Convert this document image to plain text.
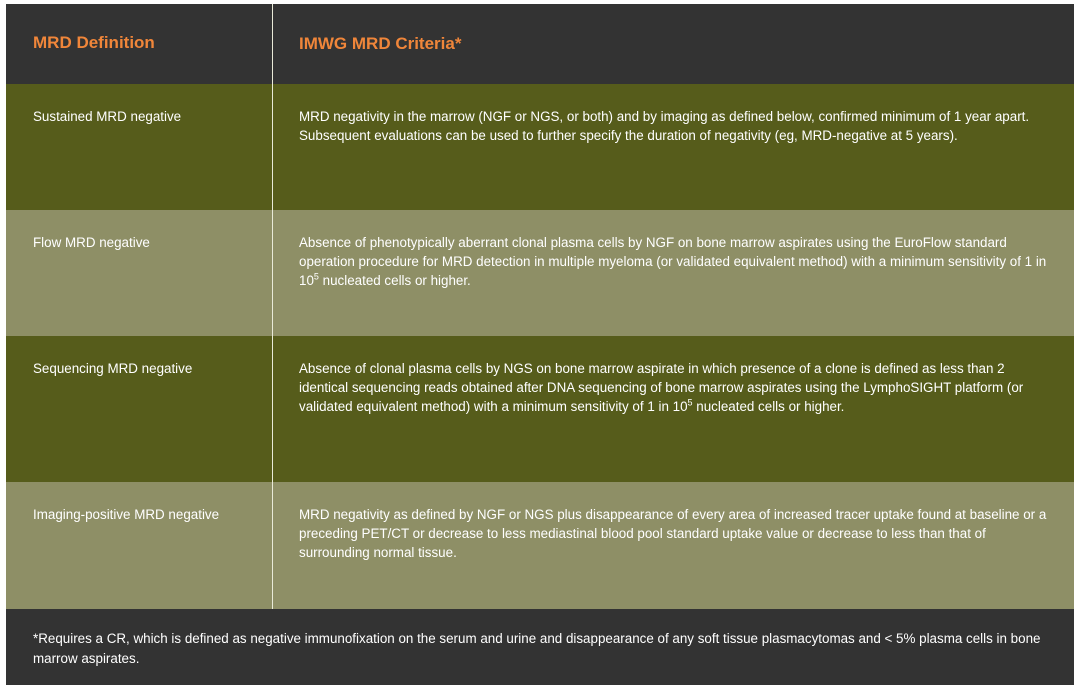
MRD Definition	IMWG MRD Criteria*
Sustained MRD negative	MRD negativity in the marrow (NGF or NGS, or both) and by imaging as defined below, confirmed minimum of 1 year apart. Subsequent evaluations can be used to further specify the duration of negativity (eg, MRD-negative at 5 years).
Flow MRD negative	Absence of phenotypically aberrant clonal plasma cells by NGF on bone marrow aspirates using the EuroFlow standard operation procedure for MRD detection in multiple myeloma (or validated equivalent method) with a minimum sensitivity of 1 in $10^5$ nucleated cells or higher.
Sequencing MRD negative	Absence of clonal plasma cells by NGS on bone marrow aspirate in which presence of a clone is defined as less than 2 identical sequencing reads obtained after DNA sequencing of bone marrow aspirates using the LymphoSIGHT platform (or validated equivalent method) with a minimum sensitivity of 1 in $10^5$ nucleated cells or higher.
Imaging-positive MRD negative	MRD negativity as defined by NGF or NGS plus disappearance of every area of increased tracer uptake found at baseline or a preceding PET/CT or decrease to less mediastinal blood pool standard uptake value or decrease to less than that of surrounding normal tissue.
*Requires a CR, which is defined as negative immunofixation on the serum and urine and disappearance of any soft tissue plasmacytomas and < 5% plasma cells in bone marrow aspirates.
